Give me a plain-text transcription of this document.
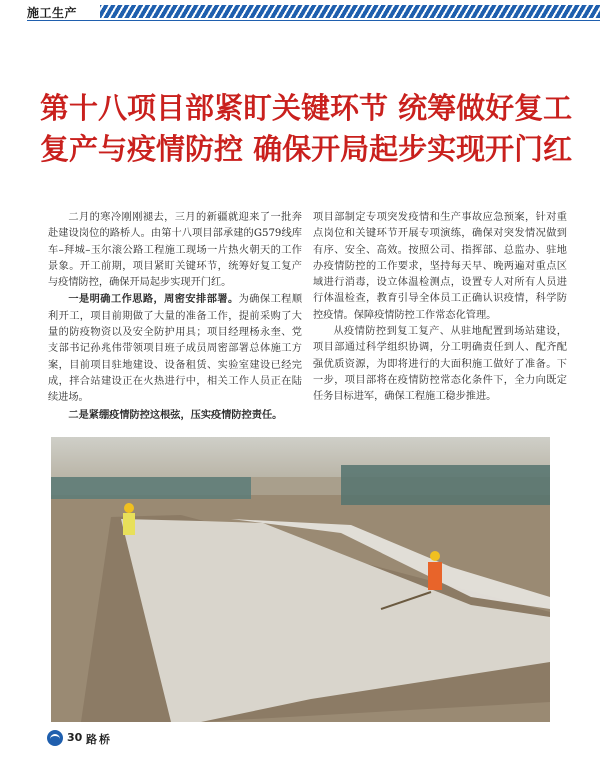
施工生产
第十八项目部紧盯关键环节 统筹做好复工
复产与疫情防控 确保开局起步实现开门红

二月的寒冷刚刚褪去，三月的新疆就迎来了一批奔赴建设岗位的路桥人。由第十八项目部承建的G579线库车–拜城–玉尔滚公路工程施工现场一片热火朝天的工作景象。开工前期，项目紧盯关键环节，统筹好复工复产与疫情防控，确保开局起步实现开门红。

一是明确工作思路，周密安排部署。为确保工程顺利开工，项目前期做了大量的准备工作，提前采购了大量的防疫物资以及安全防护用具；项目经理杨永奎、党支部书记孙兆伟带领项目班子成员周密部署总体施工方案，目前项目驻地建设、设备租赁、实验室建设已经完成，拌合站建设正在火热进行中，相关工作人员正在陆续进场。

二是紧绷疫情防控这根弦，压实疫情防控责任。

项目部制定专项突发疫情和生产事故应急预案，针对重点岗位和关键环节开展专项演练，确保对突发情况做到有序、安全、高效。按照公司、指挥部、总监办、驻地办疫情防控的工作要求，坚持每天早、晚两遍对重点区域进行消毒，设立体温检测点，设置专人对所有人员进行体温检查，教育引导全体员工正确认识疫情，科学防控疫情。保障疫情防控工作常态化管理。

从疫情防控到复工复产、从驻地配置到场站建设，项目部通过科学组织协调，分工明确责任到人、配齐配强优质资源，为即将进行的大面积施工做好了准备。下一步，项目部将在疫情防控常态化条件下，全力向既定任务目标进军，确保工程施工稳步推进。

30 路桥
